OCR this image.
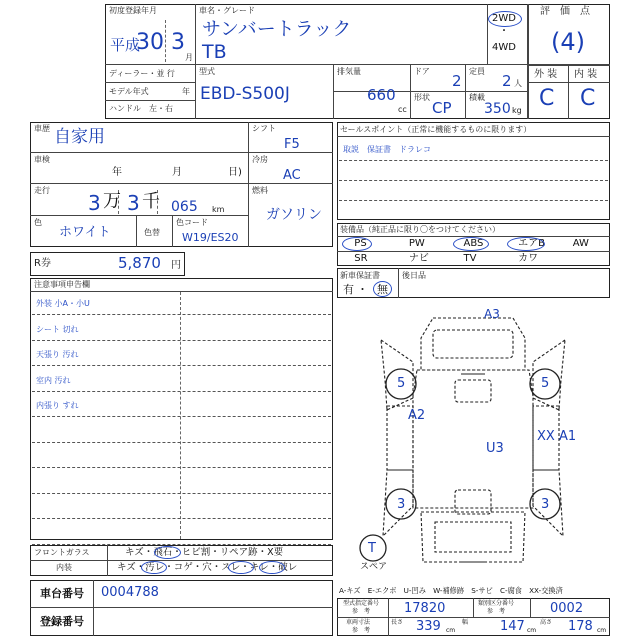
初度登録年月
平成
30 3
月
車名・グレード
サンバートラック
TB
2WD
・
4WD
評　価　点
(4)
ディーラー・並 行
モデル年式	年
ハンドル　左・右
型式
EBD-S500J
排気量
660
cc
ドア
2
定員
2 人
形状
CP
積載
350 kg
外 装 内 装
C C
車歴 自家用
車検
年	月	日)
走行
3 万 3 千 065 km
色
ホワイト	色替
色コード
W19/ES20
シフト
F5
冷房
AC
燃料
ガソリン
R券	5,870 円
注意事項申告欄
外装 小A・小U
シート 切れ
天張り 汚れ
室内 汚れ
内張り すれ
セールスポイント（正常に機能するものに限ります）
取説　保証書　ドラレコ
装備品（純正品に限り〇をつけてください）
PS	PW	ABS	エアB	AW
SR	ナビ	TV	カワ
新車保証書
有 ・ 無
後日品
A3
5	5
A2
U3
XX A1
3	3
T
スペア
フロントガラス	キズ・飛石・ヒビ割・リペア跡・X要
内装	キズ・汚レ・コゲ・穴・スレ・キレ・破レ
A-キズ　E-エクボ　U-凹み　W-補修跡　S-サビ　C-腐食　XX-交換済
車台番号 0004788
登録番号
型式指定番号
参　考	17820	類別区分番号
参　考	0002
車両寸法
参　考
長さ 339 cm
幅 147 cm
高さ 178 cm
